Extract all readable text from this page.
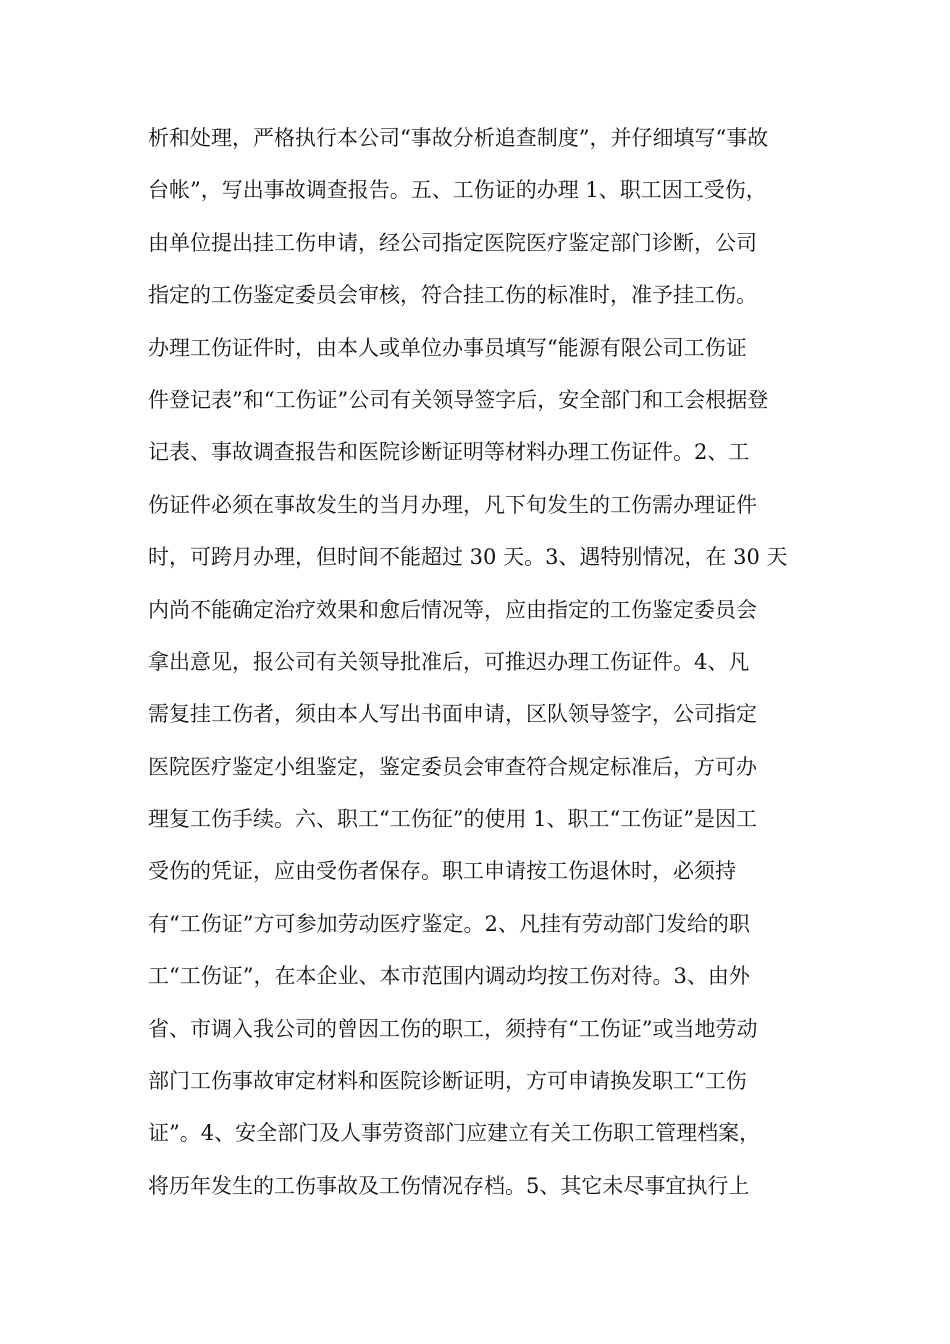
析和处理，严格执行本公司“事故分析追查制度”，并仔细填写“事故
台帐”，写出事故调查报告。五、工伤证的办理 1、职工因工受伤，
由单位提出挂工伤申请，经公司指定医院医疗鉴定部门诊断，公司
指定的工伤鉴定委员会审核，符合挂工伤的标准时，准予挂工伤。
办理工伤证件时，由本人或单位办事员填写“能源有限公司工伤证
件登记表”和“工伤证”公司有关领导签字后，安全部门和工会根据登
记表、事故调查报告和医院诊断证明等材料办理工伤证件。2、工
伤证件必须在事故发生的当月办理，凡下旬发生的工伤需办理证件
时，可跨月办理，但时间不能超过 30 天。3、遇特别情况，在 30 天
内尚不能确定治疗效果和愈后情况等，应由指定的工伤鉴定委员会
拿出意见，报公司有关领导批准后，可推迟办理工伤证件。4、凡
需复挂工伤者，须由本人写出书面申请，区队领导签字，公司指定
医院医疗鉴定小组鉴定，鉴定委员会审查符合规定标准后，方可办
理复工伤手续。六、职工“工伤征”的使用 1、职工“工伤证”是因工
受伤的凭证，应由受伤者保存。职工申请按工伤退休时，必须持
有“工伤证”方可参加劳动医疗鉴定。2、凡挂有劳动部门发给的职
工“工伤证”，在本企业、本市范围内调动均按工伤对待。3、由外
省、市调入我公司的曾因工伤的职工，须持有“工伤证”或当地劳动
部门工伤事故审定材料和医院诊断证明，方可申请换发职工“工伤
证”。4、安全部门及人事劳资部门应建立有关工伤职工管理档案，
将历年发生的工伤事故及工伤情况存档。5、其它未尽事宜执行上
